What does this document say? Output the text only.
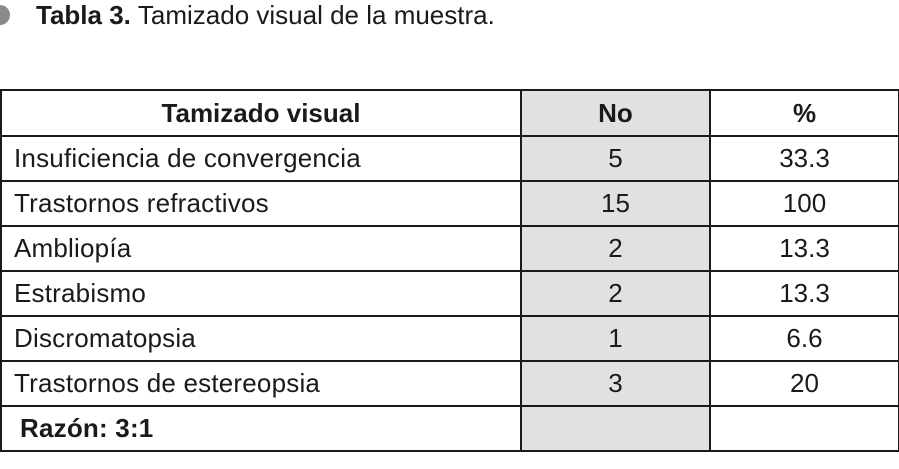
Tabla 3. Tamizado visual de la muestra.
Tamizado visual	No	%
Insuficiencia de convergencia	5	33.3
Trastornos refractivos	15	100
Ambliopía	2	13.3
Estrabismo	2	13.3
Discromatopsia	1	6.6
Trastornos de estereopsia	3	20
Razón: 3:1		
